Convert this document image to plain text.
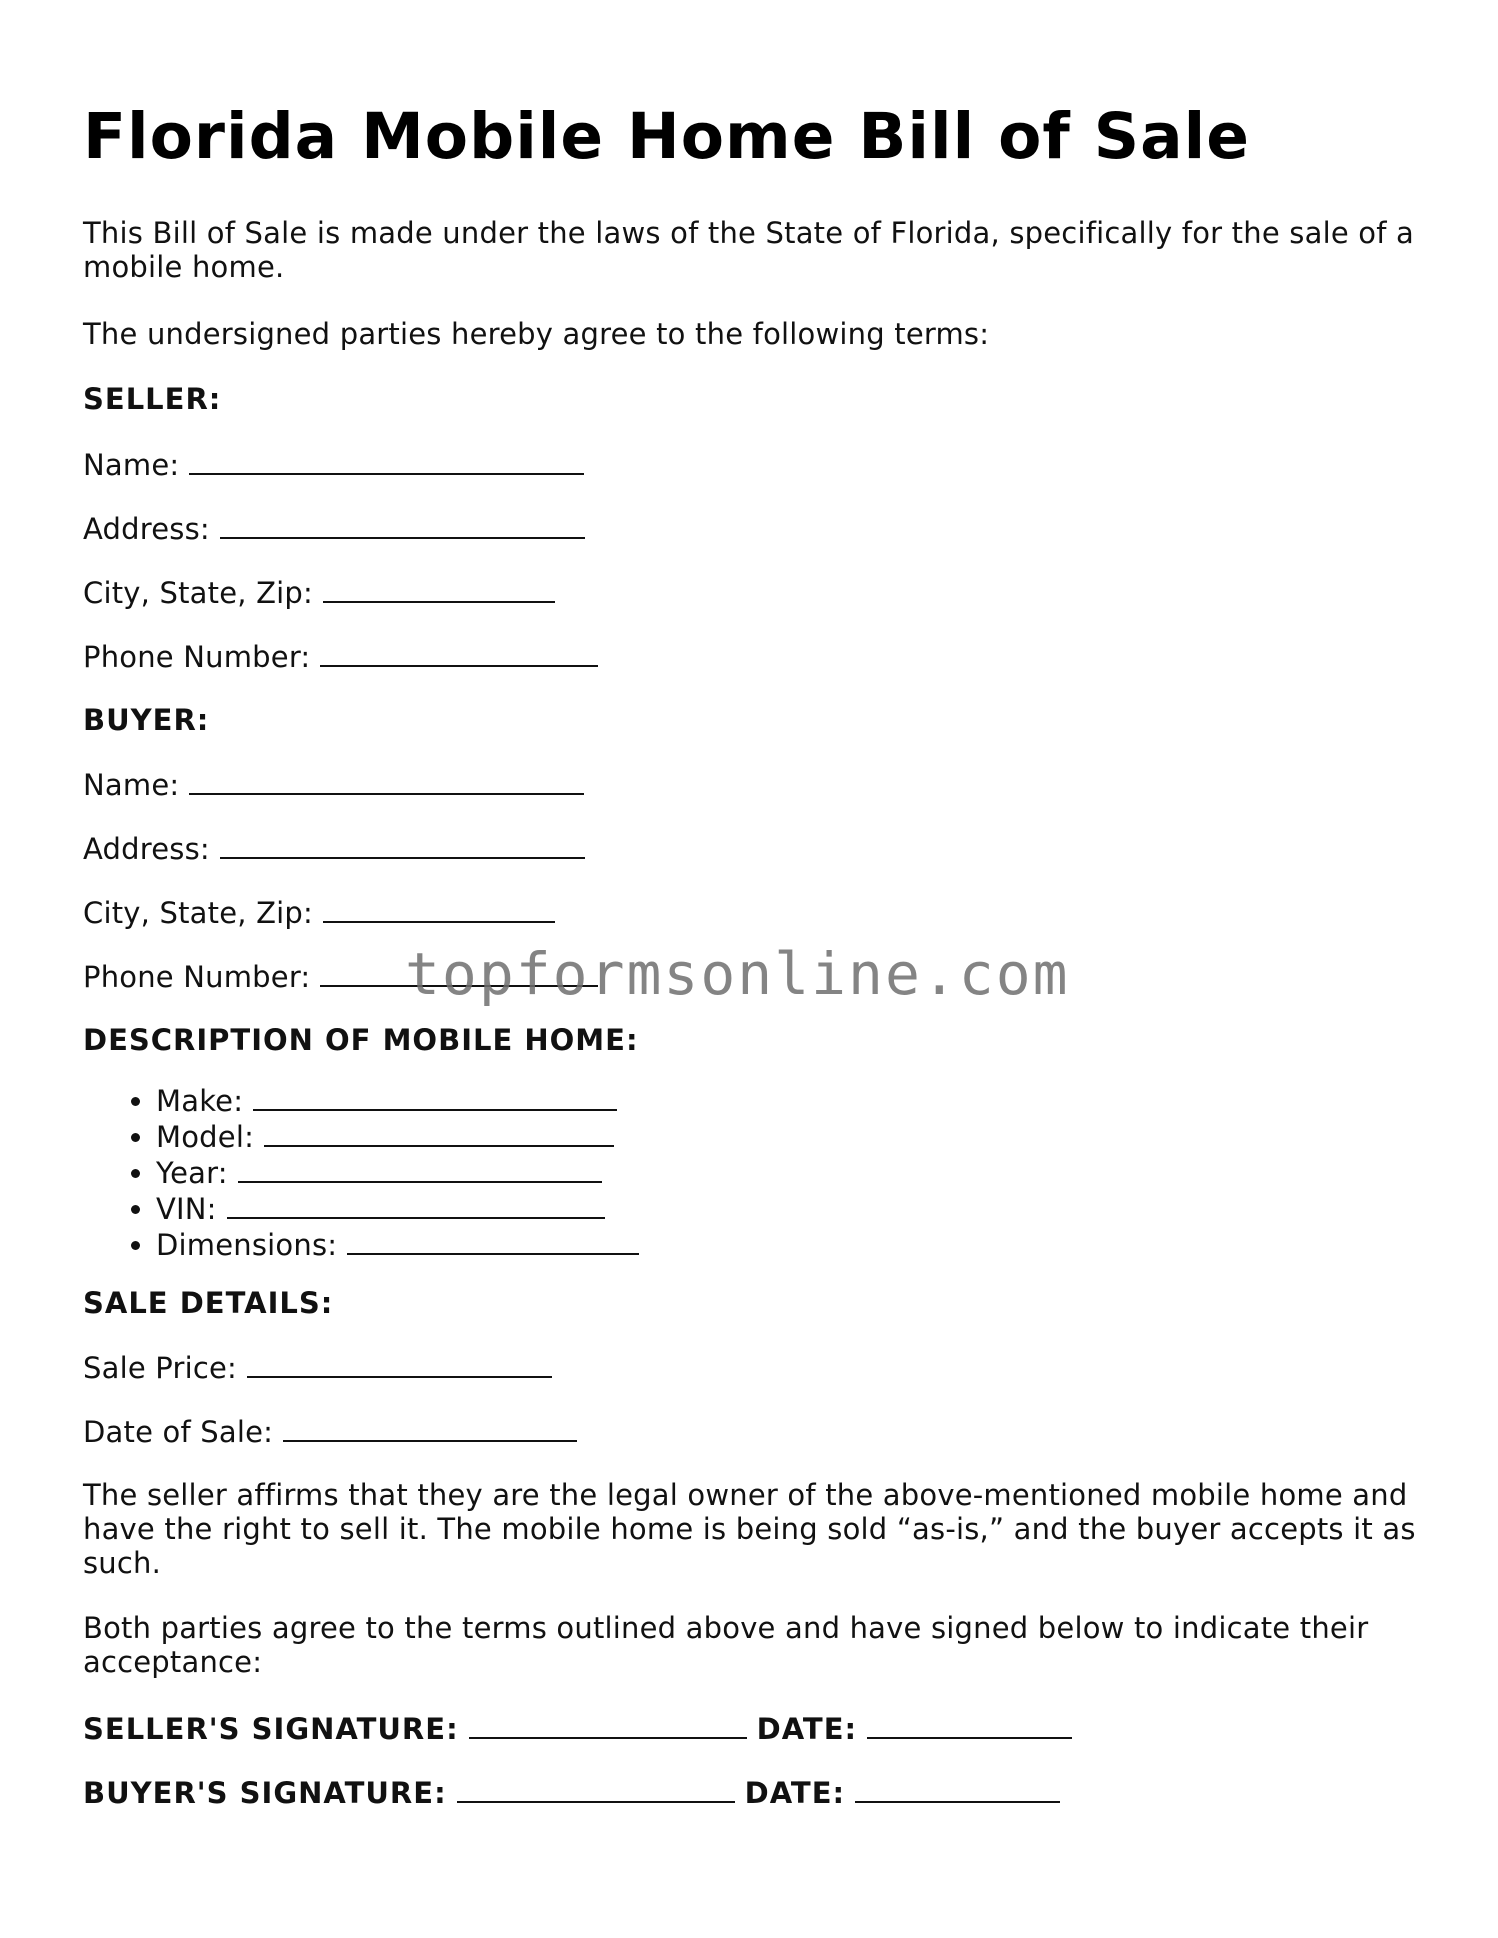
Florida Mobile Home Bill of Sale

This Bill of Sale is made under the laws of the State of Florida, specifically for the sale of a mobile home.

The undersigned parties hereby agree to the following terms:

SELLER:

Name:

Address:

City, State, Zip:

Phone Number:

BUYER:

Name:

Address:

City, State, Zip:

Phone Number:

DESCRIPTION OF MOBILE HOME:

• Make:
• Model:
• Year:
• VIN:
• Dimensions:

SALE DETAILS:

Sale Price:

Date of Sale:

The seller affirms that they are the legal owner of the above-mentioned mobile home and have the right to sell it. The mobile home is being sold “as-is,” and the buyer accepts it as such.

Both parties agree to the terms outlined above and have signed below to indicate their acceptance:

SELLER'S SIGNATURE:	DATE:

BUYER'S SIGNATURE:	DATE:

topformsonline.com
